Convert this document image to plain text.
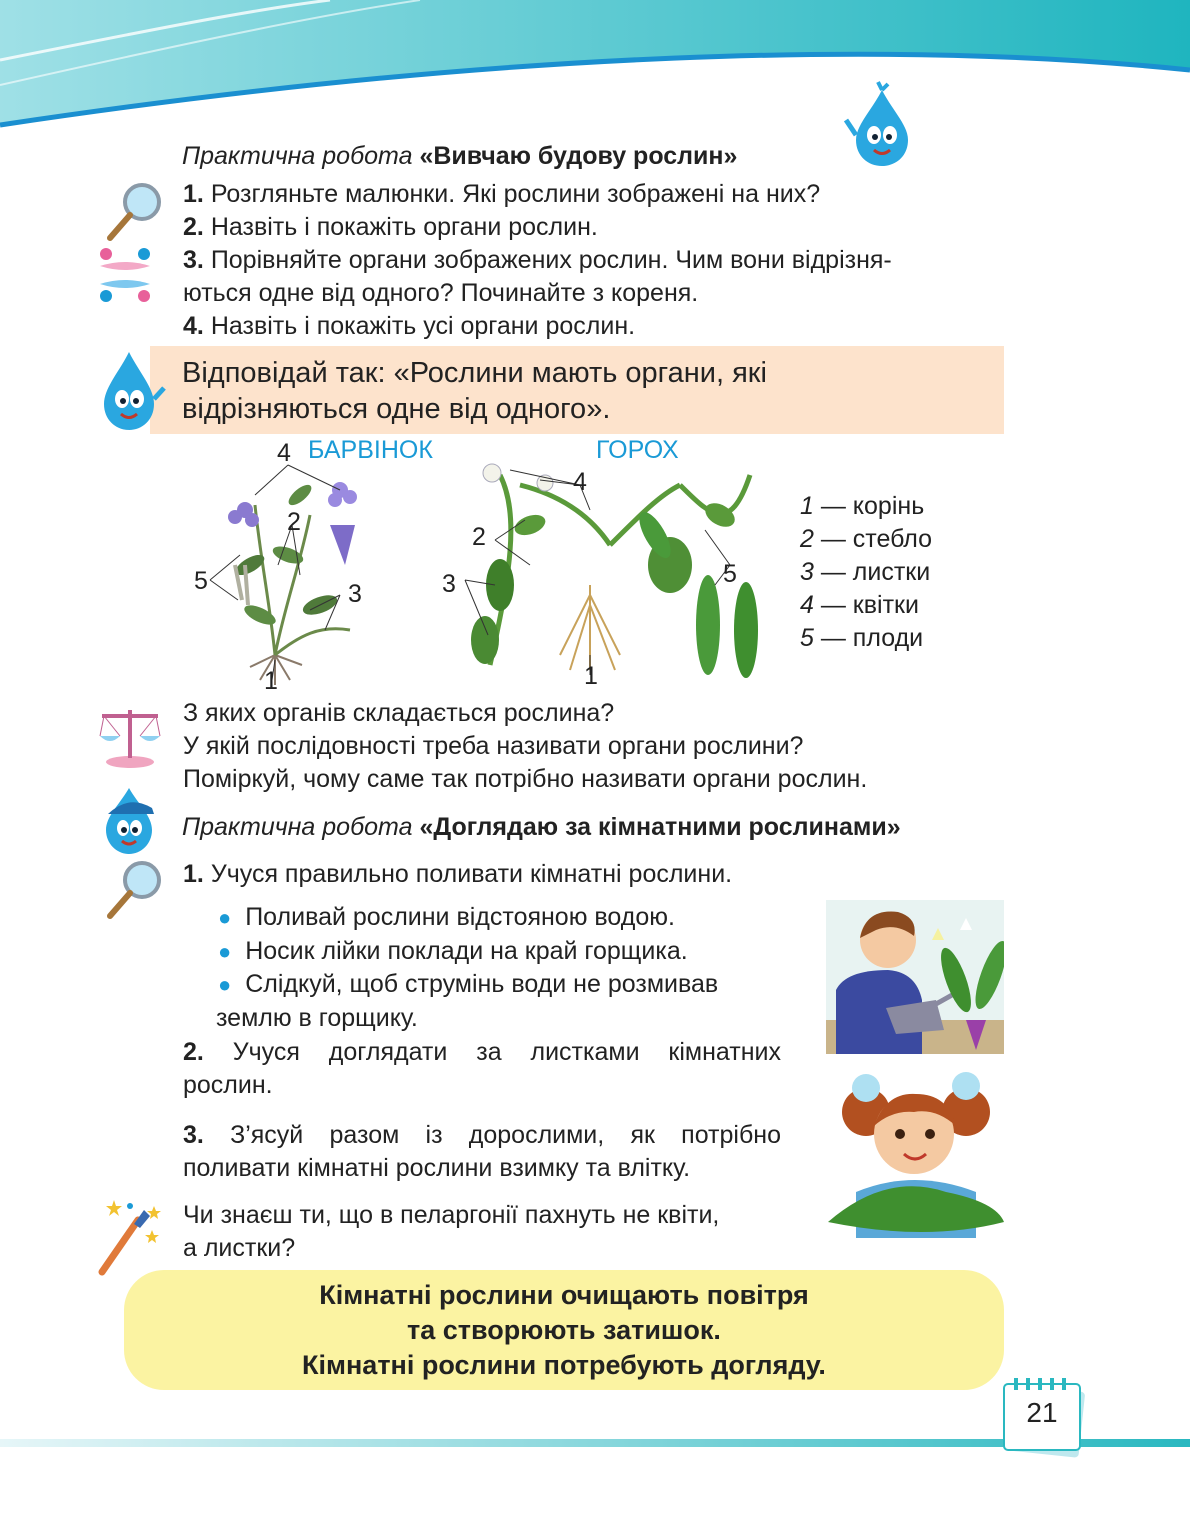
Практична робота «Вивчаю будову рослин»
1. Розгляньте малюнки. Які рослини зображені на них?
2. Назвіть і покажіть органи рослин.
3. Порівняйте органи зображених рослин. Чим вони відрізня-
ються одне від одного? Починайте з кореня.
4. Назвіть і покажіть усі органи рослин.
Відповідай так: «Рослини мають органи, які
відрізняються одне від одного».
БАРВІНОК	ГОРОХ
4
2
5	3
1
4
2
3	5
1
1 — корінь
2 — стебло
3 — листки
4 — квітки
5 — плоди
З яких органів складається рослина?
У якій послідовності треба називати органи рослини?
Поміркуй, чому саме так потрібно називати органи рослин.
Практична робота «Доглядаю за кімнатними рослинами»
1. Учуся правильно поливати кімнатні рослини.
● Поливай рослини відстояною водою.
● Носик лійки поклади на край горщика.
● Слідкуй, щоб струмінь води не розмивав
землю в горщику.
2. Учуся доглядати за листками кімнатних
рослин.
3. З’ясуй разом із дорослими, як потрібно
поливати кімнатні рослини взимку та влітку.
Чи знаєш ти, що в пеларгонії пахнуть не квіти,
а листки?
Кімнатні рослини очищають повітря
та створюють затишок.
Кімнатні рослини потребують догляду.
21
